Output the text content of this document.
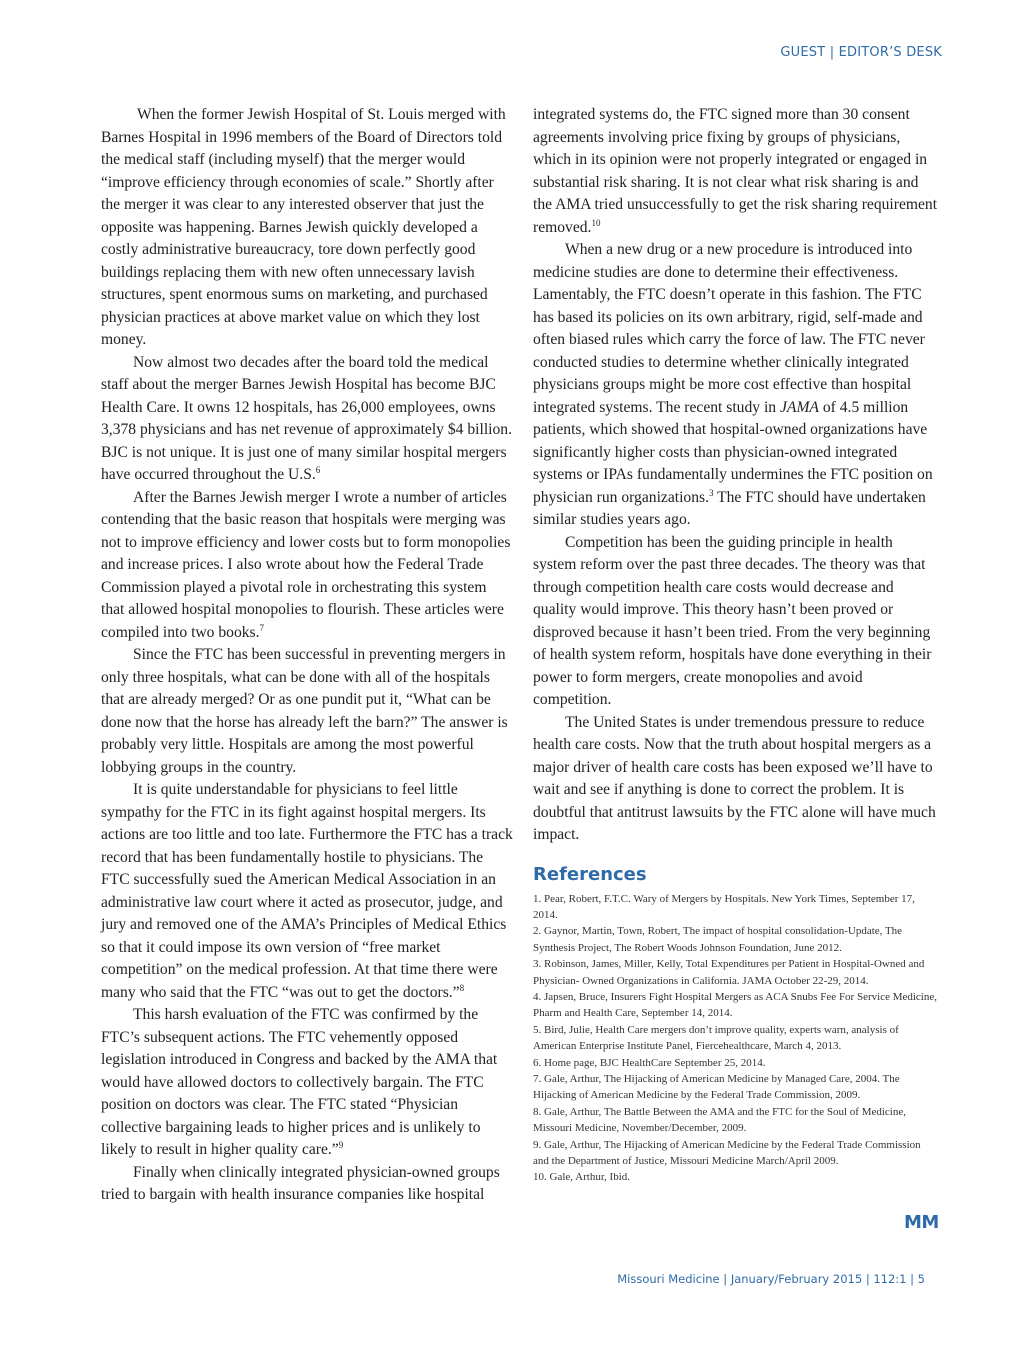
GUEST | EDITOR’S DESK

When the former Jewish Hospital of St. Louis merged with Barnes Hospital in 1996 members of the Board of Directors told the medical staff (including myself) that the merger would “improve efficiency through economies of scale.” Shortly after the merger it was clear to any interested observer that just the opposite was happening. Barnes Jewish quickly developed a costly administrative bureaucracy, tore down perfectly good buildings replacing them with new often unnecessary lavish structures, spent enormous sums on marketing, and purchased physician practices at above market value on which they lost money.

Now almost two decades after the board told the medical staff about the merger Barnes Jewish Hospital has become BJC Health Care. It owns 12 hospitals, has 26,000 employees, owns 3,378 physicians and has net revenue of approximately $4 billion. BJC is not unique. It is just one of many similar hospital mergers have occurred throughout the U.S.$^6$

After the Barnes Jewish merger I wrote a number of articles contending that the basic reason that hospitals were merging was not to improve efficiency and lower costs but to form monopolies and increase prices. I also wrote about how the Federal Trade Commission played a pivotal role in orchestrating this system that allowed hospital monopolies to flourish. These articles were compiled into two books.$^7$

Since the FTC has been successful in preventing mergers in only three hospitals, what can be done with all of the hospitals that are already merged? Or as one pundit put it, “What can be done now that the horse has already left the barn?” The answer is probably very little. Hospitals are among the most powerful lobbying groups in the country.

It is quite understandable for physicians to feel little sympathy for the FTC in its fight against hospital mergers. Its actions are too little and too late. Furthermore the FTC has a track record that has been fundamentally hostile to physicians. The FTC successfully sued the American Medical Association in an administrative law court where it acted as prosecutor, judge, and jury and removed one of the AMA’s Principles of Medical Ethics so that it could impose its own version of “free market competition” on the medical profession. At that time there were many who said that the FTC “was out to get the doctors.”$^8$

This harsh evaluation of the FTC was confirmed by the FTC’s subsequent actions. The FTC vehemently opposed legislation introduced in Congress and backed by the AMA that would have allowed doctors to collectively bargain. The FTC position on doctors was clear. The FTC stated “Physician collective bargaining leads to higher prices and is unlikely to likely to result in higher quality care.”$^9$

Finally when clinically integrated physician-owned groups tried to bargain with health insurance companies like hospital

integrated systems do, the FTC signed more than 30 consent agreements involving price fixing by groups of physicians, which in its opinion were not properly integrated or engaged in substantial risk sharing. It is not clear what risk sharing is and the AMA tried unsuccessfully to get the risk sharing requirement removed.$^{10}$

When a new drug or a new procedure is introduced into medicine studies are done to determine their effectiveness. Lamentably, the FTC doesn’t operate in this fashion. The FTC has based its policies on its own arbitrary, rigid, self-made and often biased rules which carry the force of law. The FTC never conducted studies to determine whether clinically integrated physicians groups might be more cost effective than hospital integrated systems. The recent study in JAMA of 4.5 million patients, which showed that hospital-owned organizations have significantly higher costs than physician-owned integrated systems or IPAs fundamentally undermines the FTC position on physician run organizations.$^3$ The FTC should have undertaken similar studies years ago.

Competition has been the guiding principle in health system reform over the past three decades. The theory was that through competition health care costs would decrease and quality would improve. This theory hasn’t been proved or disproved because it hasn’t been tried. From the very beginning of health system reform, hospitals have done everything in their power to form mergers, create monopolies and avoid competition.

The United States is under tremendous pressure to reduce health care costs. Now that the truth about hospital mergers as a major driver of health care costs has been exposed we’ll have to wait and see if anything is done to correct the problem. It is doubtful that antitrust lawsuits by the FTC alone will have much impact.

References
1. Pear, Robert, F.T.C. Wary of Mergers by Hospitals. New York Times, September 17, 2014.
2. Gaynor, Martin, Town, Robert, The impact of hospital consolidation-Update, The Synthesis Project, The Robert Woods Johnson Foundation, June 2012.
3. Robinson, James, Miller, Kelly, Total Expenditures per Patient in Hospital-Owned and Physician- Owned Organizations in California. JAMA October 22-29, 2014.
4. Japsen, Bruce, Insurers Fight Hospital Mergers as ACA Snubs Fee For Service Medicine, Pharm and Health Care, September 14, 2014.
5. Bird, Julie, Health Care mergers don’t improve quality, experts warn, analysis of American Enterprise Institute Panel, Fiercehealthcare, March 4, 2013.
6. Home page, BJC HealthCare September 25, 2014.
7. Gale, Arthur, The Hijacking of American Medicine by Managed Care, 2004. The Hijacking of American Medicine by the Federal Trade Commission, 2009.
8. Gale, Arthur, The Battle Between the AMA and the FTC for the Soul of Medicine, Missouri Medicine, November/December, 2009.
9. Gale, Arthur, The Hijacking of American Medicine by the Federal Trade Commission and the Department of Justice, Missouri Medicine March/April 2009.
10. Gale, Arthur, Ibid.
MM
Missouri Medicine | January/February 2015 | 112:1 | 5
